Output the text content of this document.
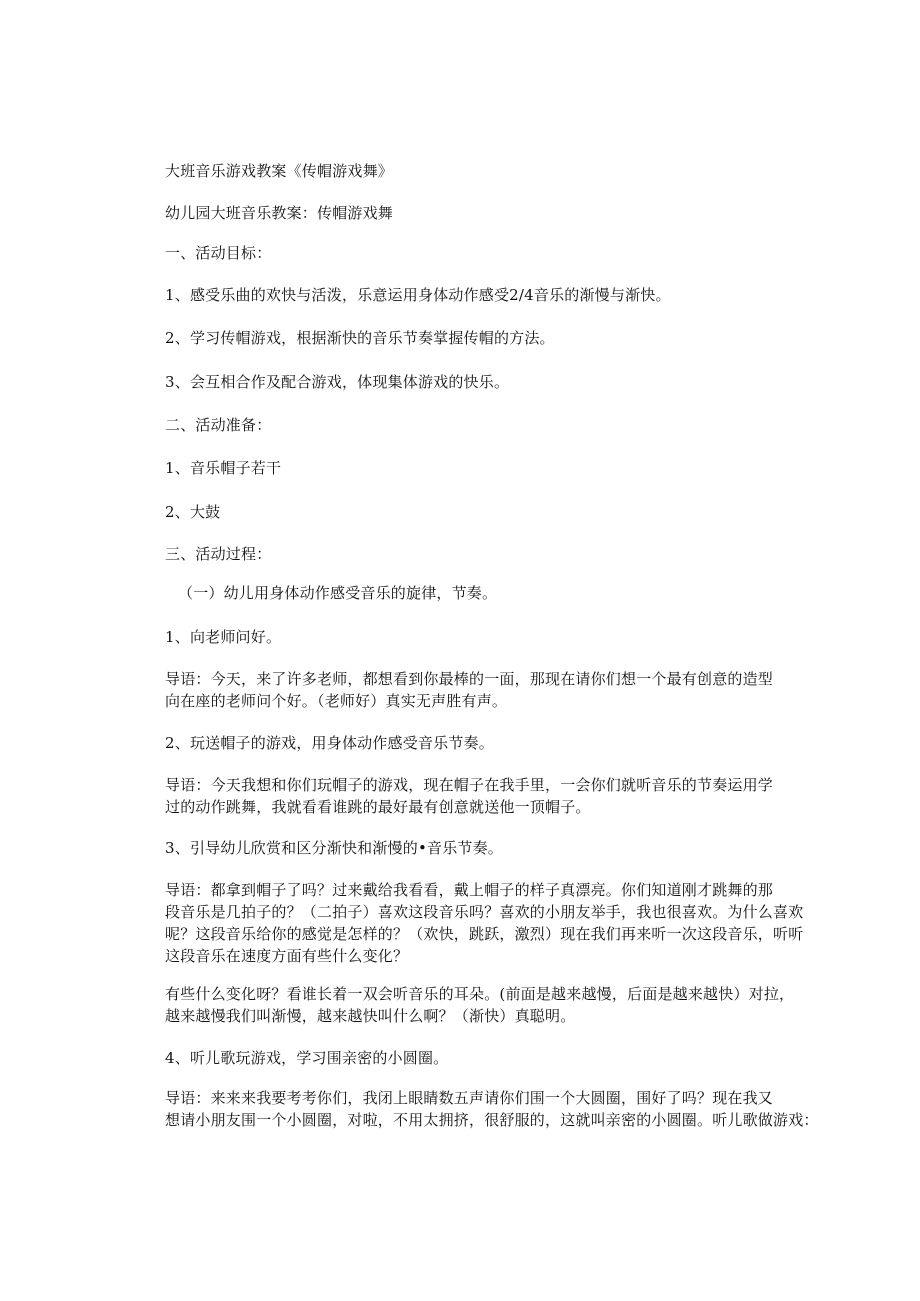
大班音乐游戏教案《传帽游戏舞》
幼儿园大班音乐教案：传帽游戏舞
一、活动目标：
1、感受乐曲的欢快与活泼，乐意运用身体动作感受2/4音乐的渐慢与渐快。
2、学习传帽游戏，根据渐快的音乐节奏掌握传帽的方法。
3、会互相合作及配合游戏，体现集体游戏的快乐。
二、活动准备：
1、音乐帽子若干
2、大鼓
三、活动过程：
（一）幼儿用身体动作感受音乐的旋律，节奏。
1、向老师问好。
导语：今天，来了许多老师，都想看到你最棒的一面，那现在请你们想一个最有创意的造型
向在座的老师问个好。（老师好）真实无声胜有声。
2、玩送帽子的游戏，用身体动作感受音乐节奏。
导语：今天我想和你们玩帽子的游戏，现在帽子在我手里，一会你们就听音乐的节奏运用学
过的动作跳舞，我就看看谁跳的最好最有创意就送他一顶帽子。
3、引导幼儿欣赏和区分渐快和渐慢的•音乐节奏。
导语：都拿到帽子了吗？过来戴给我看看，戴上帽子的样子真漂亮。你们知道刚才跳舞的那
段音乐是几拍子的？（二拍子）喜欢这段音乐吗？喜欢的小朋友举手，我也很喜欢。为什么喜欢
呢？这段音乐给你的感觉是怎样的？（欢快，跳跃，激烈）现在我们再来听一次这段音乐，听听
这段音乐在速度方面有些什么变化？
有些什么变化呀？看谁长着一双会听音乐的耳朵。(前面是越来越慢，后面是越来越快）对拉，
越来越慢我们叫渐慢，越来越快叫什么啊？（渐快）真聪明。
4、听儿歌玩游戏，学习围亲密的小圆圈。
导语：来来来我要考考你们，我闭上眼睛数五声请你们围一个大圆圈，围好了吗？现在我又
想请小朋友围一个小圆圈，对啦，不用太拥挤，很舒服的，这就叫亲密的小圆圈。听儿歌做游戏：
